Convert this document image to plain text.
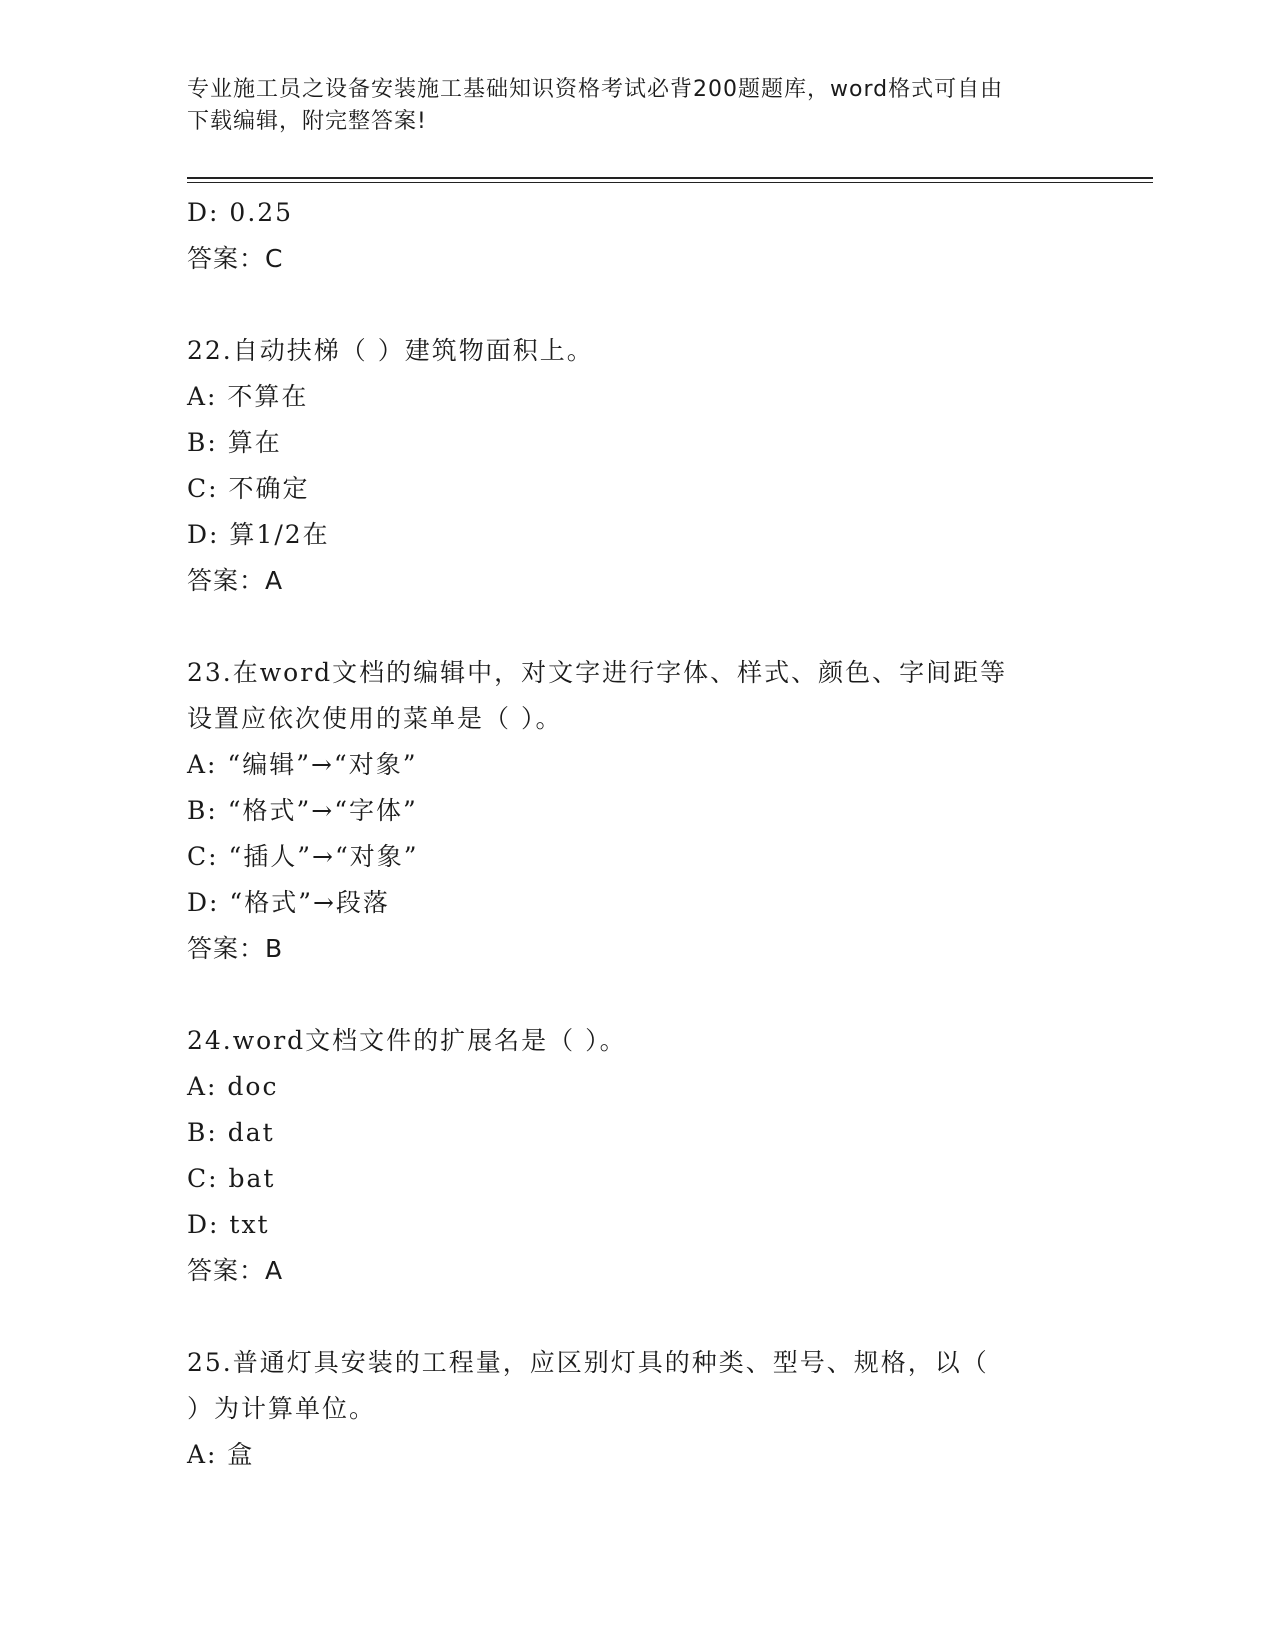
专业施工员之设备安装施工基础知识资格考试必背200题题库，word格式可自由
下载编辑，附完整答案!
D: 0.25
答案：C
22.自动扶梯（ ）建筑物面积上。
A: 不算在
B: 算在
C: 不确定
D: 算1/2在
答案：A
23.在word文档的编辑中，对文字进行字体、样式、颜色、字间距等
设置应依次使用的菜单是（ ）。
A: “编辑”→“对象”
B: “格式”→“字体”
C: “插人”→“对象”
D: “格式”→段落
答案：B
24.word文档文件的扩展名是（ ）。
A: doc
B: dat
C: bat
D: txt
答案：A
25.普通灯具安装的工程量，应区别灯具的种类、型号、规格，以（
）为计算单位。
A: 盒
